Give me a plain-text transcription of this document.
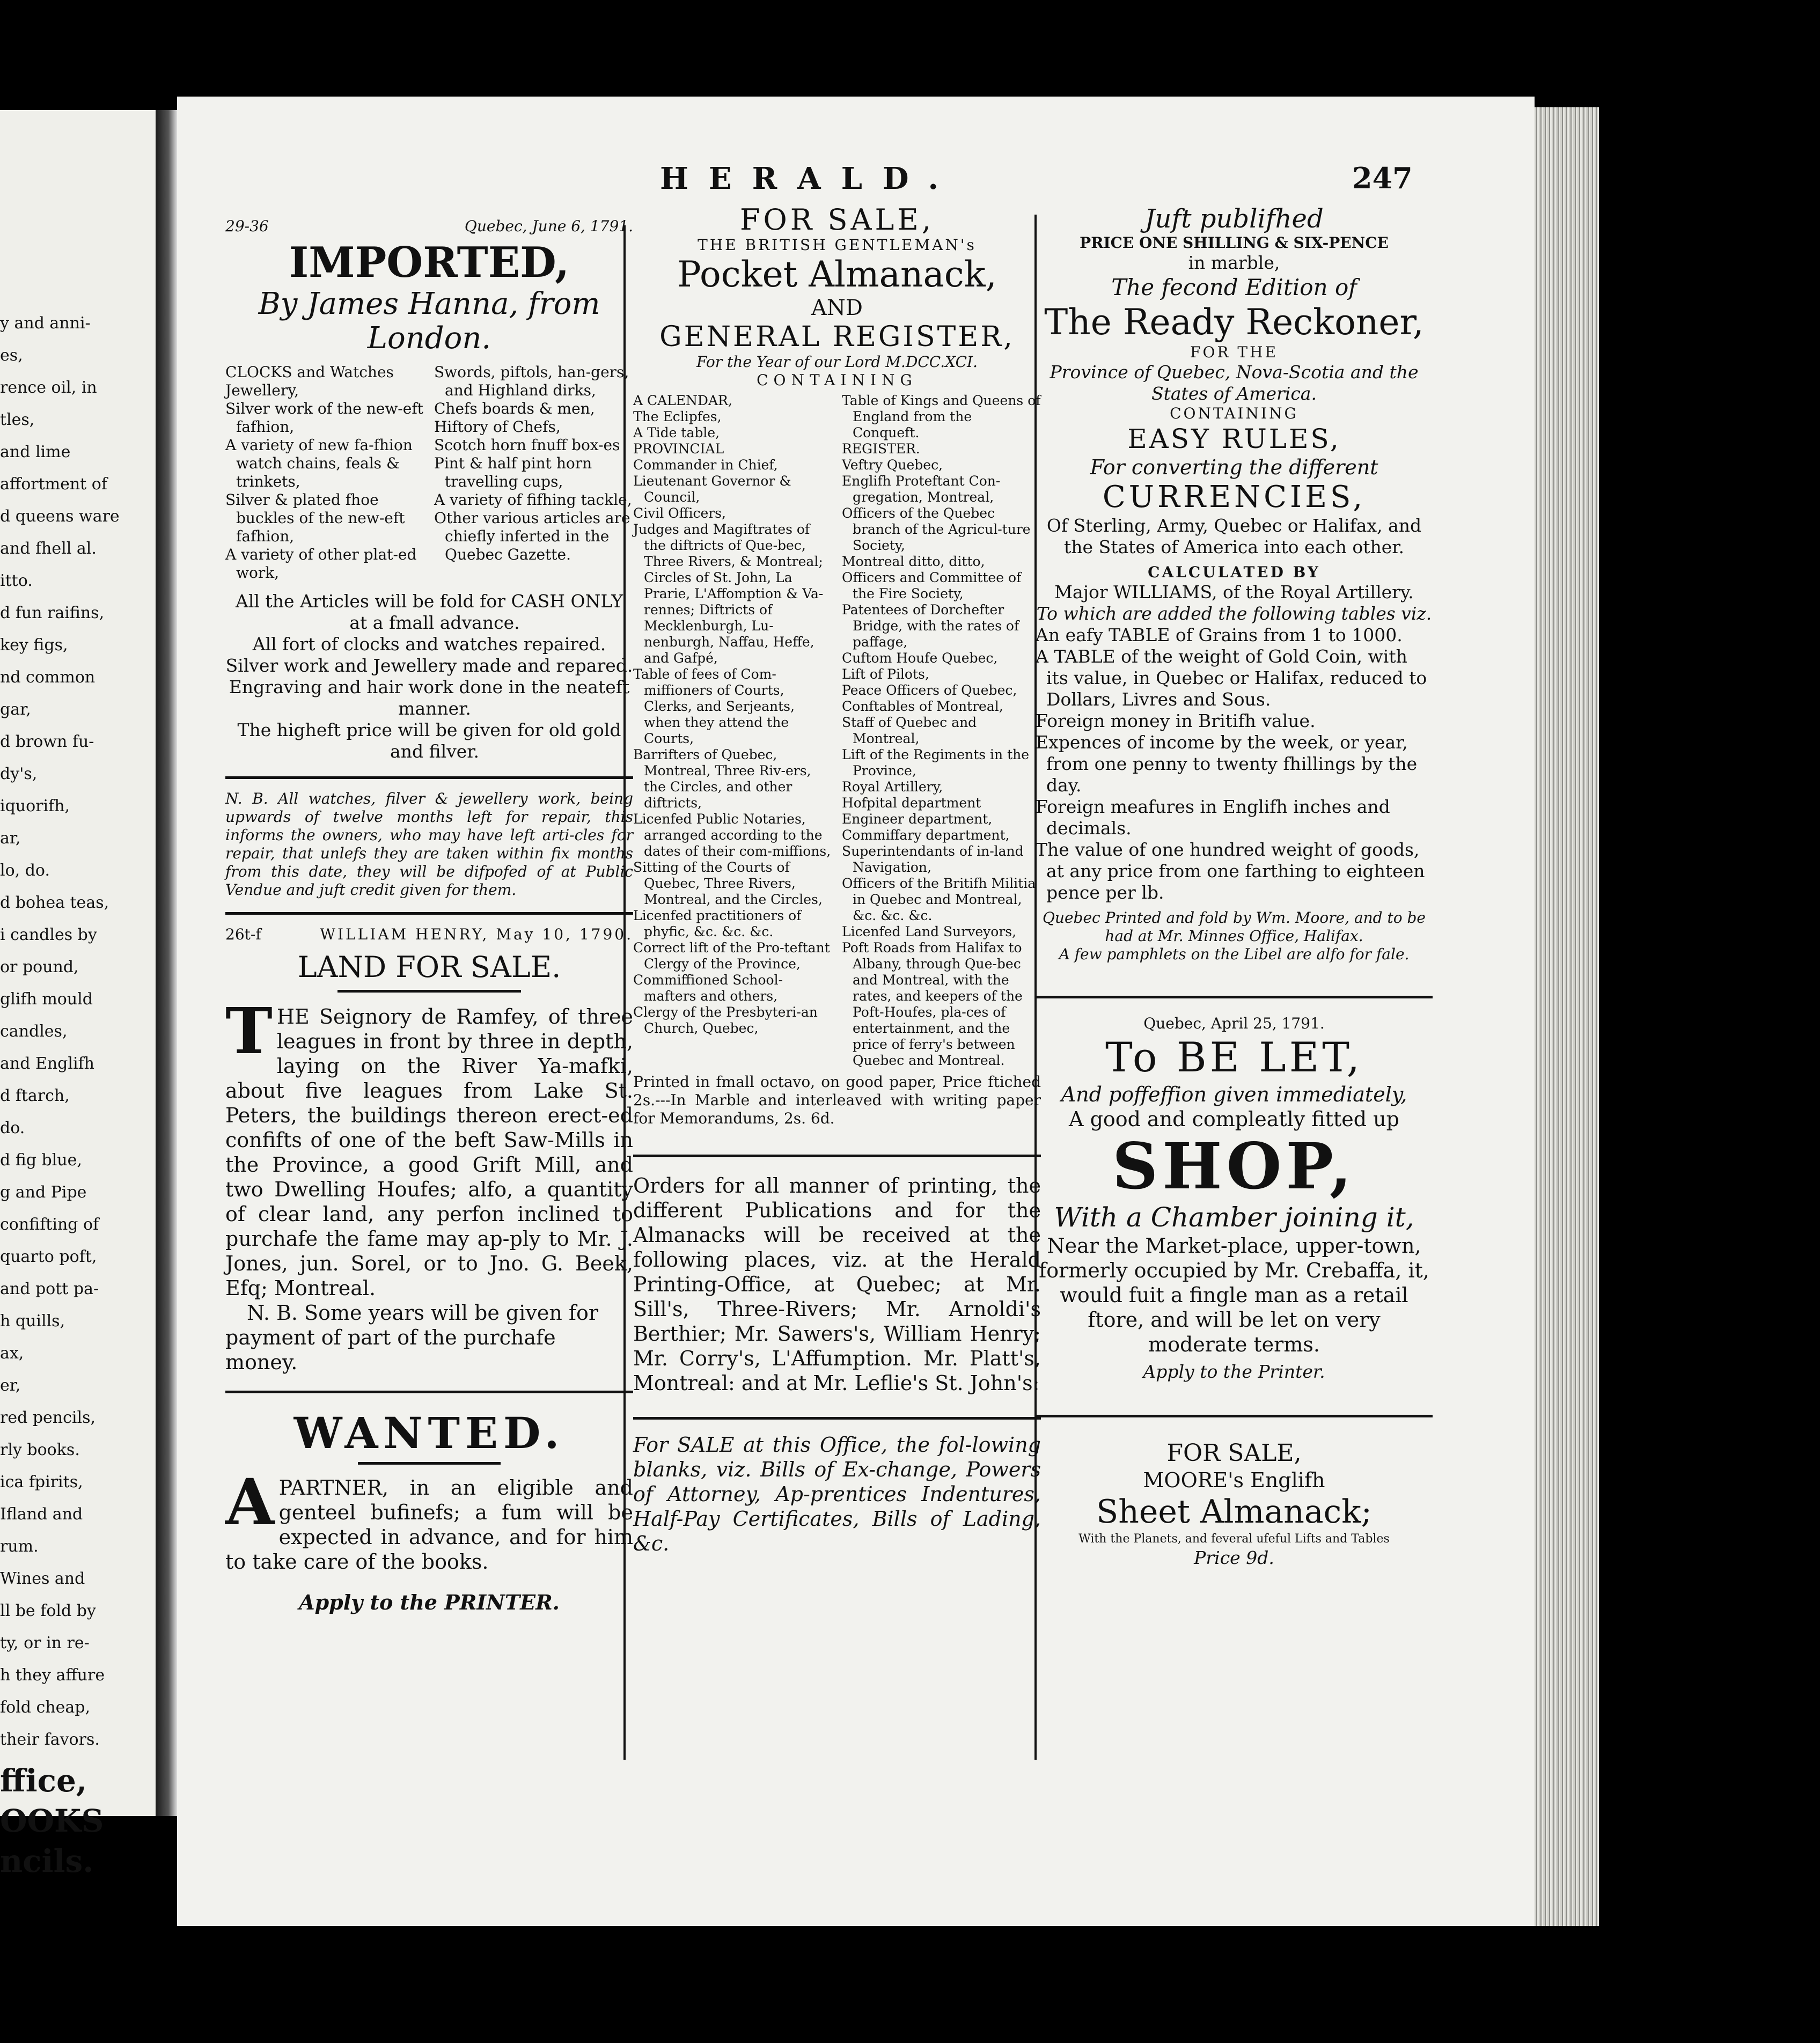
y and anni-
es,
rence oil, in
tles,
and lime
affortment of
d queens ware
and fhell al.
itto.
d fun raifins,
key figs,
nd common
gar,
d brown fu-
dy's,
iquorifh,
ar,
lo, do.
d bohea teas,
i candles by
or pound,
glifh mould
candles,
and Englifh
d ftarch,
do.
d fig blue,
g and Pipe
confifting of
quarto poft,
and pott pa-
h quills,
ax,
er,
red pencils,
rly books.
ica fpirits,
Ifland and
rum.
Wines and
ll be fold by
ty, or in re-
h they affure
fold cheap,
their favors.
ffice,
OOKS
ncils.
HERALD.	247
29-36	Quebec, June 6, 1791.
IMPORTED,
By James Hanna, from
London.

CLOCKS and Watches

Jewellery,

Silver work of the new-eft fafhion,

A variety of new fa-fhion watch chains, feals & trinkets,

Silver & plated fhoe buckles of the new-eft fafhion,

A variety of other plat-ed work,

Swords, piftols, han-gers, and Highland dirks,

Chefs boards & men,

Hiftory of Chefs,

Scotch horn fnuff box-es

Pint & half pint horn travelling cups,

A variety of fifhing tackle,

Other various articles are chiefly inferted in the Quebec Gazette.

All the Articles will be fold for CASH ONLY at a fmall advance.

All fort of clocks and watches repaired.

Silver work and Jewellery made and repared.

Engraving and hair work done in the neateft manner.

The higheft price will be given for old gold and filver.

N. B. All watches, filver & jewellery work, being upwards of twelve months left for repair, this informs the owners, who may have left arti-cles for repair, that unlefs they are taken within fix months from this date, they will be difpofed of at Public Vendue and juft credit given for them.

26t-f	WILLIAM HENRY, May 10, 1790.
LAND FOR SALE.

THE Seignory de Ramfey, of three leagues in front by three in depth, laying on the River Ya-mafki, about five leagues from Lake St. Peters, the buildings thereon erect-ed confifts of one of the beft Saw-Mills in the Province, a good Grift Mill, and two Dwelling Houfes; alfo, a quantity of clear land, any perfon inclined to purchafe the fame may ap-ply to Mr. J. Jones, jun. Sorel, or to Jno. G. Beek, Efq; Montreal.

N. B. Some years will be given for payment of part of the purchafe money.

WANTED.

APARTNER, in an eligible and genteel bufinefs; a fum will be expected in advance, and for him to take care of the books.

Apply to the PRINTER.

FOR SALE,
THE BRITISH GENTLEMAN's
Pocket Almanack,
AND
GENERAL REGISTER,
For the Year of our Lord M.DCC.XCI.
CONTAINING

A CALENDAR,

The Eclipfes,

A Tide table,

PROVINCIAL

Commander in Chief,

Lieutenant Governor & Council,

Civil Officers,

Judges and Magiftrates of the diftricts of Que-bec, Three Rivers, & Montreal; Circles of St. John, La Prarie, L'Affomption & Va-rennes; Diftricts of Mecklenburgh, Lu-nenburgh, Naffau, Heffe, and Gafpé,

Table of fees of Com-miffioners of Courts, Clerks, and Serjeants, when they attend the Courts,

Barrifters of Quebec, Montreal, Three Riv-ers, the Circles, and other diftricts,

Licenfed Public Notaries, arranged according to the dates of their com-miffions,

Sitting of the Courts of Quebec, Three Rivers, Montreal, and the Circles,

Licenfed practitioners of phyfic, &c. &c. &c.

Correct lift of the Pro-teftant Clergy of the Province,

Commiffioned School-mafters and others,

Clergy of the Presbyteri-an Church, Quebec,

Table of Kings and Queens of England from the Conqueft.

REGISTER.

Veftry Quebec,

Englifh Proteftant Con-gregation, Montreal,

Officers of the Quebec branch of the Agricul-ture Society,

Montreal ditto, ditto,

Officers and Committee of the Fire Society,

Patentees of Dorchefter Bridge, with the rates of paffage,

Cuftom Houfe Quebec,

Lift of Pilots,

Peace Officers of Quebec,

Conftables of Montreal,

Staff of Quebec and Montreal,

Lift of the Regiments in the Province,

Royal Artillery,

Hofpital department

Engineer department,

Commiffary department,

Superintendants of in-land Navigation,

Officers of the Britifh Militia in Quebec and Montreal, &c. &c. &c.

Licenfed Land Surveyors,

Poft Roads from Halifax to Albany, through Que-bec and Montreal, with the rates, and keepers of the Poft-Houfes, pla-ces of entertainment, and the price of ferry's between Quebec and Montreal.

Printed in fmall octavo, on good paper, Price ftiched 2s.---In Marble and interleaved with writing paper for Memorandums, 2s. 6d.

Orders for all manner of printing, the different Publications and for the Almanacks will be received at the following places, viz. at the Herald Printing-Office, at Quebec; at Mr. Sill's, Three-Rivers; Mr. Arnoldi's Berthier; Mr. Sawers's, William Henry; Mr. Corry's, L'Affumption. Mr. Platt's, Montreal: and at Mr. Leflie's St. John's:

For SALE at this Office, the fol-lowing blanks, viz. Bills of Ex-change, Powers of Attorney, Ap-prentices Indentures, Half-Pay Certificates, Bills of Lading, &c.

Juft publifhed
PRICE ONE SHILLING & SIX-PENCE
in marble,
The fecond Edition of
The Ready Reckoner,
FOR THE
Province of Quebec, Nova-Scotia and the States of America.
CONTAINING
EASY RULES,
For converting the different
CURRENCIES,
Of Sterling, Army, Quebec or Halifax, and the States of America into each other.
CALCULATED BY
Major WILLIAMS, of the Royal Artillery.
To which are added the following tables viz.

An eafy TABLE of Grains from 1 to 1000.

A TABLE of the weight of Gold Coin, with its value, in Quebec or Halifax, reduced to Dollars, Livres and Sous.

Foreign money in Britifh value.

Expences of income by the week, or year, from one penny to twenty fhillings by the day.

Foreign meafures in Englifh inches and decimals.

The value of one hundred weight of goods, at any price from one farthing to eighteen pence per lb.

Quebec Printed and fold by Wm. Moore, and to be had at Mr. Minnes Office, Halifax.

A few pamphlets on the Libel are alfo for fale.

Quebec, April 25, 1791.
To BE LET,
And poffeffion given immediately,
A good and compleatly fitted up
SHOP,
With a Chamber joining it,

Near the Market-place, upper-town, formerly occupied by Mr. Crebaffa, it, would fuit a fingle man as a retail ftore, and will be let on very moderate terms.

Apply to the Printer.

FOR SALE,
MOORE's Englifh
Sheet Almanack;
With the Planets, and feveral ufeful Lifts and Tables
Price 9d.
